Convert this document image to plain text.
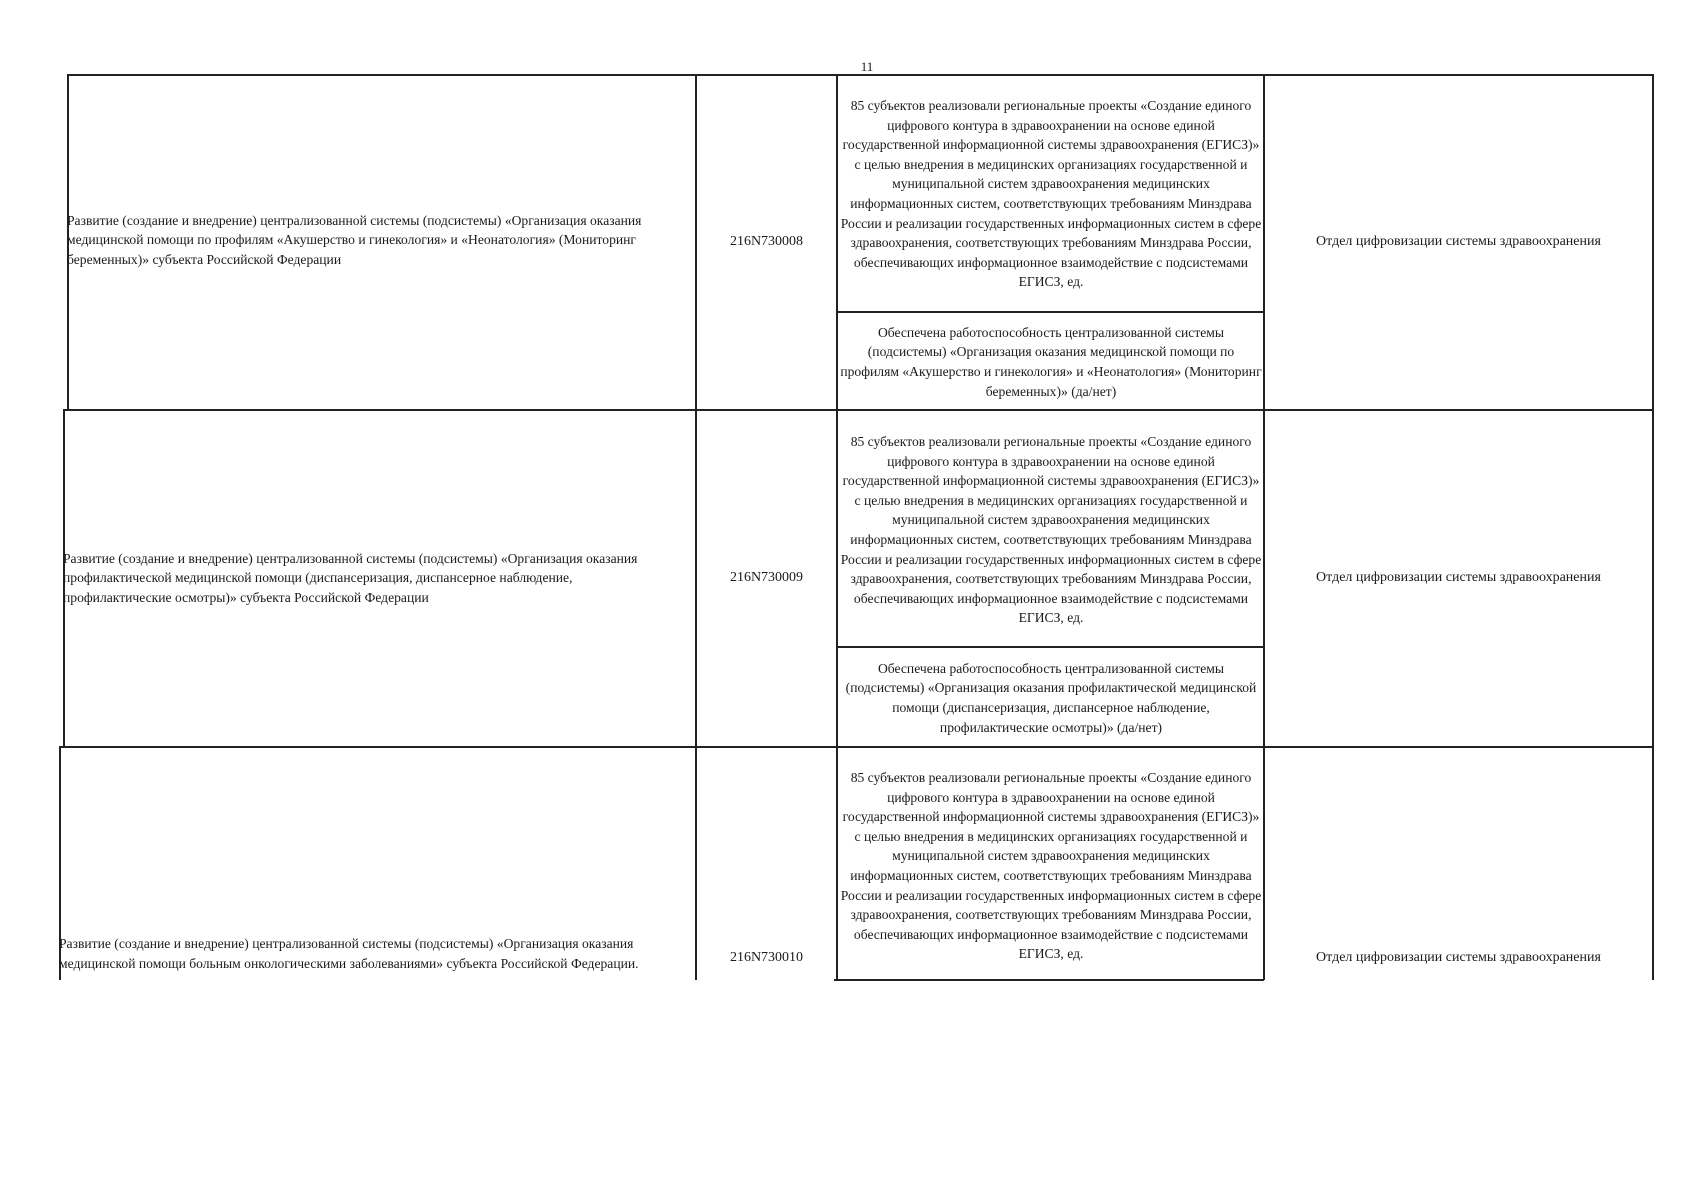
11
Развитие (создание и внедрение) централизованной системы (подсистемы) «Организация оказания медицинской помощи по профилям «Акушерство и гинекология» и «Неонатология» (Мониторинг беременных)» субъекта Российской Федерации
216N730008
85 субъектов реализовали региональные проекты «Создание единого цифрового контура в здравоохранении на основе единой государственной информационной системы здравоохранения (ЕГИСЗ)» с целью внедрения в медицинских организациях государственной и муниципальной систем здравоохранения медицинских информационных систем, соответствующих требованиям Минздрава России и реализации государственных информационных систем в сфере здравоохранения, соответствующих требованиям Минздрава России, обеспечивающих информационное взаимодействие с подсистемами ЕГИСЗ, ед.
Обеспечена работоспособность централизованной системы (подсистемы) «Организация оказания медицинской помощи по профилям «Акушерство и гинекология» и «Неонатология» (Мониторинг беременных)» (да/нет)
Отдел цифровизации системы здравоохранения
Развитие (создание и внедрение) централизованной системы (подсистемы) «Организация оказания профилактической медицинской помощи (диспансеризация, диспансерное наблюдение, профилактические осмотры)» субъекта Российской Федерации
216N730009
85 субъектов реализовали региональные проекты «Создание единого цифрового контура в здравоохранении на основе единой государственной информационной системы здравоохранения (ЕГИСЗ)» с целью внедрения в медицинских организациях государственной и муниципальной систем здравоохранения медицинских информационных систем, соответствующих требованиям Минздрава России и реализации государственных информационных систем в сфере здравоохранения, соответствующих требованиям Минздрава России, обеспечивающих информационное взаимодействие с подсистемами ЕГИСЗ, ед.
Обеспечена работоспособность централизованной системы (подсистемы) «Организация оказания профилактической медицинской помощи (диспансеризация, диспансерное наблюдение, профилактические осмотры)» (да/нет)
Отдел цифровизации системы здравоохранения
Развитие (создание и внедрение) централизованной системы (подсистемы) «Организация оказания медицинской помощи больным онкологическими заболеваниями» субъекта Российской Федерации.	216N730010
85 субъектов реализовали региональные проекты «Создание единого цифрового контура в здравоохранении на основе единой государственной информационной системы здравоохранения (ЕГИСЗ)» с целью внедрения в медицинских организациях государственной и муниципальной систем здравоохранения медицинских информационных систем, соответствующих требованиям Минздрава России и реализации государственных информационных систем в сфере здравоохранения, соответствующих требованиям Минздрава России, обеспечивающих информационное взаимодействие с подсистемами ЕГИСЗ, ед.	Отдел цифровизации системы здравоохранения
